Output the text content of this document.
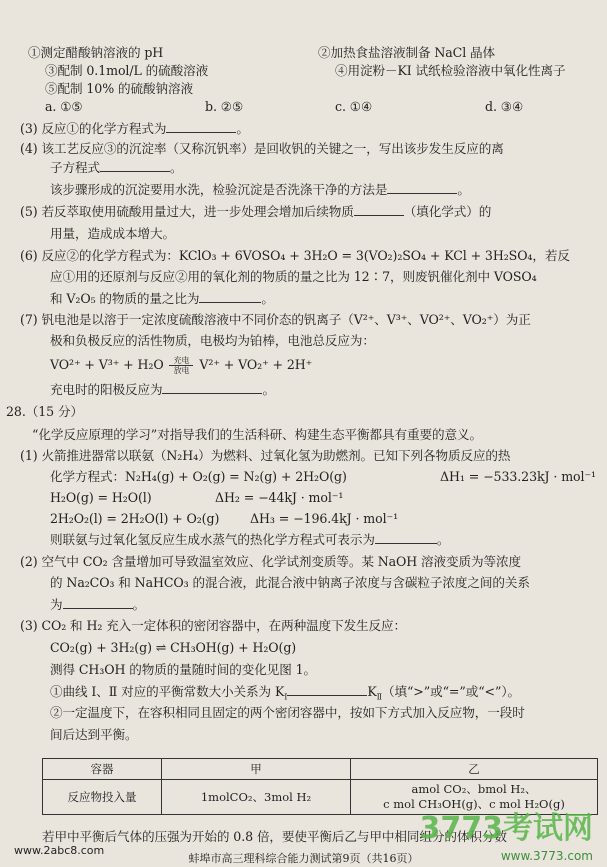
①测定醋酸钠溶液的 pH	②加热食盐溶液制备 NaCl 晶体
③配制 0.1mol/L 的硫酸溶液	④用淀粉－KI 试纸检验溶液中氧化性离子
⑤配制 10% 的硫酸钠溶液
a. ①⑤	b. ②⑤	c. ①④	d. ③④
(3) 反应①的化学方程式为	。
(4) 该工艺反应③的沉淀率（又称沉钒率）是回收钒的关键之一，写出该步发生反应的离
子方程式	。
该步骤形成的沉淀要用水洗，检验沉淀是否洗涤干净的方法是	。
(5) 若反萃取使用硫酸用量过大，进一步处理会增加后续物质	（填化学式）的
用量，造成成本增大。
(6) 反应②的化学方程式为：KClO₃ + 6VOSO₄ + 3H₂O = 3(VO₂)₂SO₄ + KCl + 3H₂SO₄，若反
应①用的还原剂与反应②用的氧化剂的物质的量之比为 12∶7，则废钒催化剂中 VOSO₄
和 V₂O₅ 的物质的量之比为	。
(7) 钒电池是以溶于一定浓度硫酸溶液中不同价态的钒离子（V²⁺、V³⁺、VO²⁺、VO₂⁺）为正
极和负极反应的活性物质，电极均为铂棒，电池总反应为：
$VO^{2+} + V^{3+} + H_2O \frac{\text{充电}}{\text{放电}} V^{2+} + VO_2^+ + 2H^+$
充电时的阳极反应为	。
28.（15 分）
“化学反应原理的学习”对指导我们的生活科研、构建生态平衡都具有重要的意义。
(1) 火箭推进器常以联氨（N₂H₄）为燃料、过氧化氢为助燃剂。已知下列各物质反应的热
化学方程式：N₂H₄(g) + O₂(g) = N₂(g) + 2H₂O(g)	ΔH₁ = −533.23kJ · mol⁻¹
H₂O(g) = H₂O(l)	ΔH₂ = −44kJ · mol⁻¹
2H₂O₂(l) = 2H₂O(l) + O₂(g) ΔH₃ = −196.4kJ · mol⁻¹
则联氨与过氧化氢反应生成水蒸气的热化学方程式可表示为	。
(2) 空气中 CO₂ 含量增加可导致温室效应、化学试剂变质等。某 NaOH 溶液变质为等浓度
的 Na₂CO₃ 和 NaHCO₃ 的混合液，此混合液中钠离子浓度与含碳粒子浓度之间的关系
为	。
(3) CO₂ 和 H₂ 充入一定体积的密闭容器中，在两种温度下发生反应：
CO₂(g) + 3H₂(g) ⇌ CH₃OH(g) + H₂O(g)
测得 CH₃OH 的物质的量随时间的变化见图 1。
①曲线 Ⅰ、Ⅱ 对应的平衡常数大小关系为 $K_Ⅰ$	$K_Ⅱ$（填“>”或“=”或“<”）。
②一定温度下，在容积相同且固定的两个密闭容器中，按如下方式加入反应物，一段时
间后达到平衡。
若甲中平衡后气体的压强为开始的 0.8 倍，要使平衡后乙与甲中相同组分的体积分数
容器	甲	乙
反应物投入量	1molCO₂、3mol H₂	amol CO₂、bmol H₂、
c mol CH₃OH(g)、c mol H₂O(g)
www.2abc8.com
蚌埠市高三理科综合能力测试第9页（共16页）
3773考试网
www.3773.com
